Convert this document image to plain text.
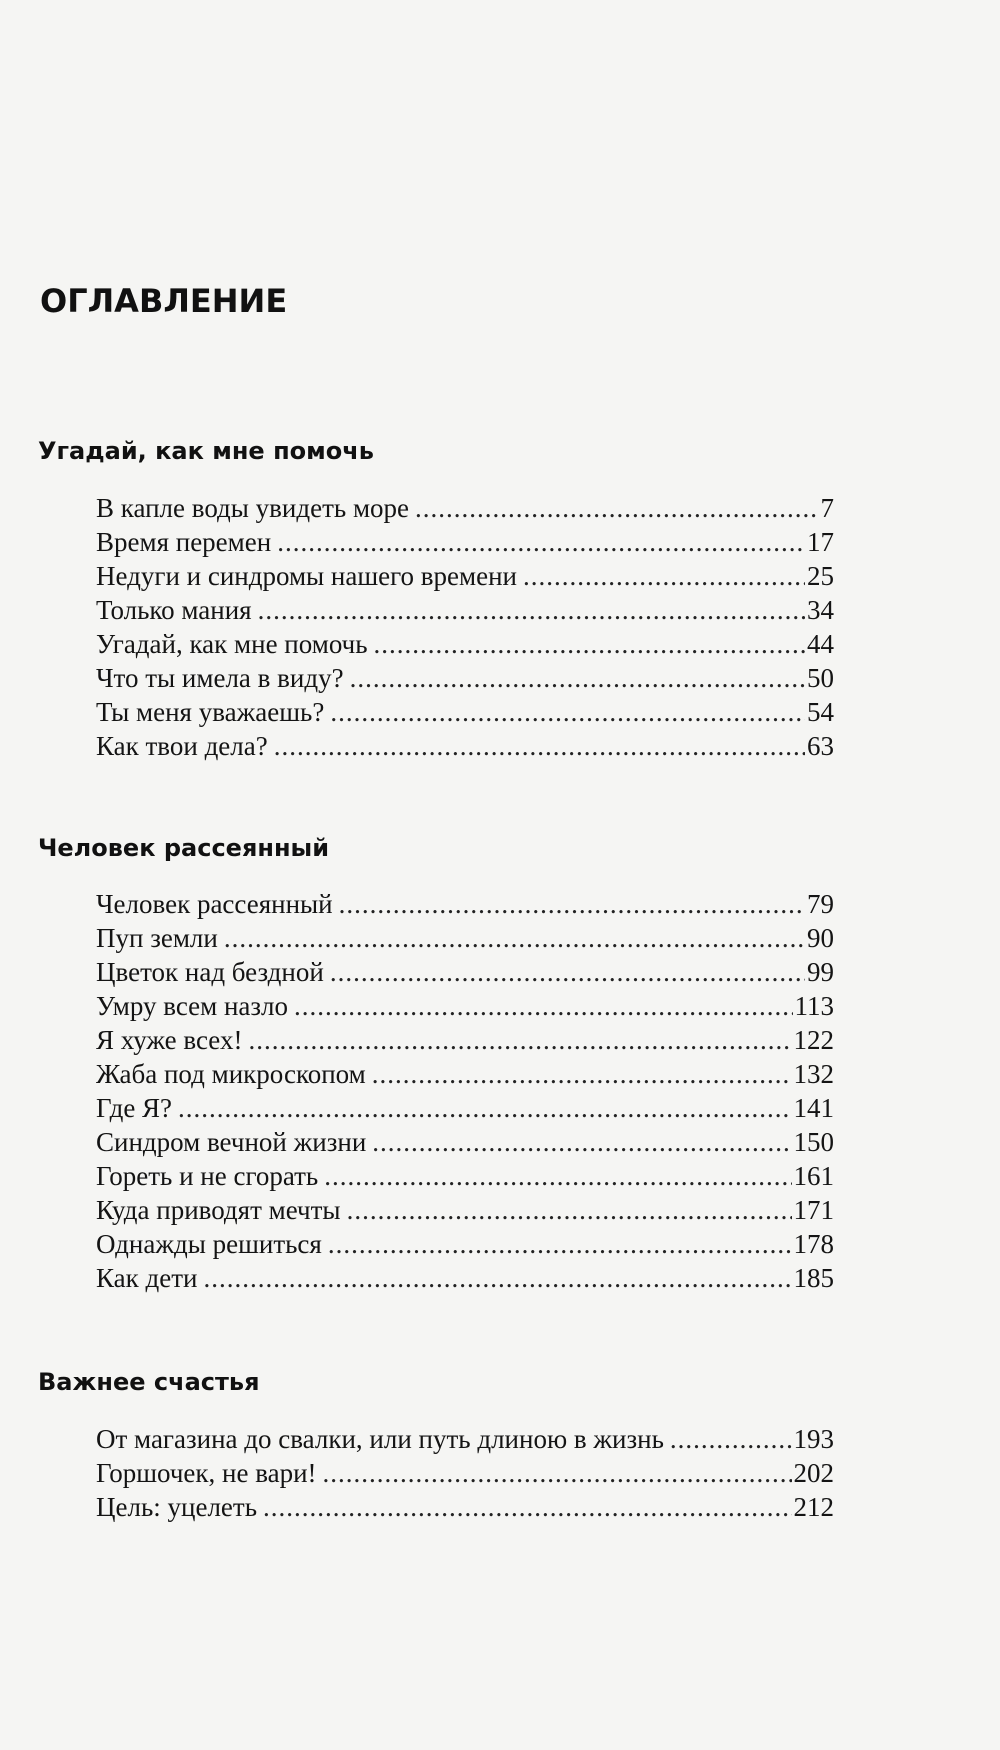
ОГЛАВЛЕНИЕ
Угадай, как мне помочь
В капле воды увидеть море .....	7
Время перемен .....	17
Недуги и синдромы нашего времени .....	25
Только мания .....	34
Угадай, как мне помочь .....	44
Что ты имела в виду? .....	50
Ты меня уважаешь? .....	54
Как твои дела? .....	63
Человек рассеянный
Человек рассеянный .....	79
Пуп земли .....	90
Цветок над бездной .....	99
Умру всем назло .....	113
Я хуже всех! .....	122
Жаба под микроскопом .....	132
Где Я? .....	141
Синдром вечной жизни .....	150
Гореть и не сгорать .....	161
Куда приводят мечты .....	171
Однажды решиться .....	178
Как дети .....	185
Важнее счастья
От магазина до свалки, или путь длиною в жизнь .....	193
Горшочек, не вари! .....	202
Цель: уцелеть .....	212
